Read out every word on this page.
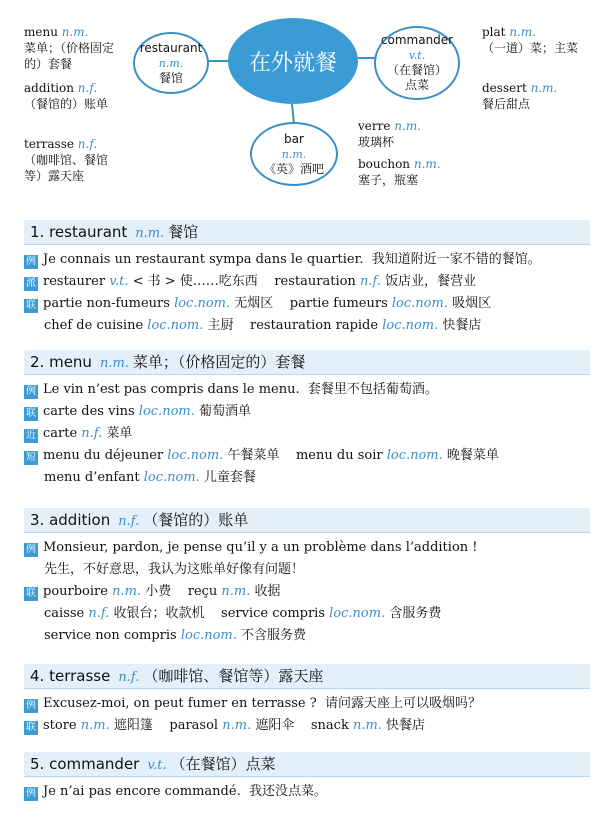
menu n.m.
菜单；（价格固定的）套餐
addition n.f.
（餐馆的）账单
terrasse n.f.
（咖啡馆、餐馆等）露天座
restaurant
n.m.
餐馆
在外就餐
commander
v.t.
（在餐馆）
点菜
plat n.m.
（一道）菜；主菜
dessert n.m.
餐后甜点
bar
n.m.
《英》酒吧
verre n.m.
玻璃杯
bouchon n.m.
塞子，瓶塞
1. restaurant n.m. 餐馆
例 Je connais un restaurant sympa dans le quartier.  我知道附近一家不错的餐馆。
派 restaurer v.t. < 书 > 使……吃东西    restauration n.f. 饭店业，餐营业
联 partie non-fumeurs loc.nom. 无烟区    partie fumeurs loc.nom. 吸烟区
chef de cuisine loc.nom. 主厨    restauration rapide loc.nom. 快餐店
2. menu n.m. 菜单；（价格固定的）套餐
例 Le vin n’est pas compris dans le menu.  套餐里不包括葡萄酒。
联 carte des vins loc.nom. 葡萄酒单
近 carte n.f. 菜单
短 menu du déjeuner loc.nom. 午餐菜单    menu du soir loc.nom. 晚餐菜单
menu d’enfant loc.nom. 儿童套餐
3. addition n.f. （餐馆的）账单
例 Monsieur, pardon, je pense qu’il y a un problème dans l’addition !
先生，不好意思，我认为这账单好像有问题！
联 pourboire n.m. 小费    reçu n.m. 收据
caisse n.f. 收银台；收款机    service compris loc.nom. 含服务费
service non compris loc.nom. 不含服务费
4. terrasse n.f. （咖啡馆、餐馆等）露天座
例 Excusez-moi, on peut fumer en terrasse ?  请问露天座上可以吸烟吗？
联 store n.m. 遮阳篷    parasol n.m. 遮阳伞    snack n.m. 快餐店
5. commander v.t. （在餐馆）点菜
例 Je n’ai pas encore commandé.  我还没点菜。
